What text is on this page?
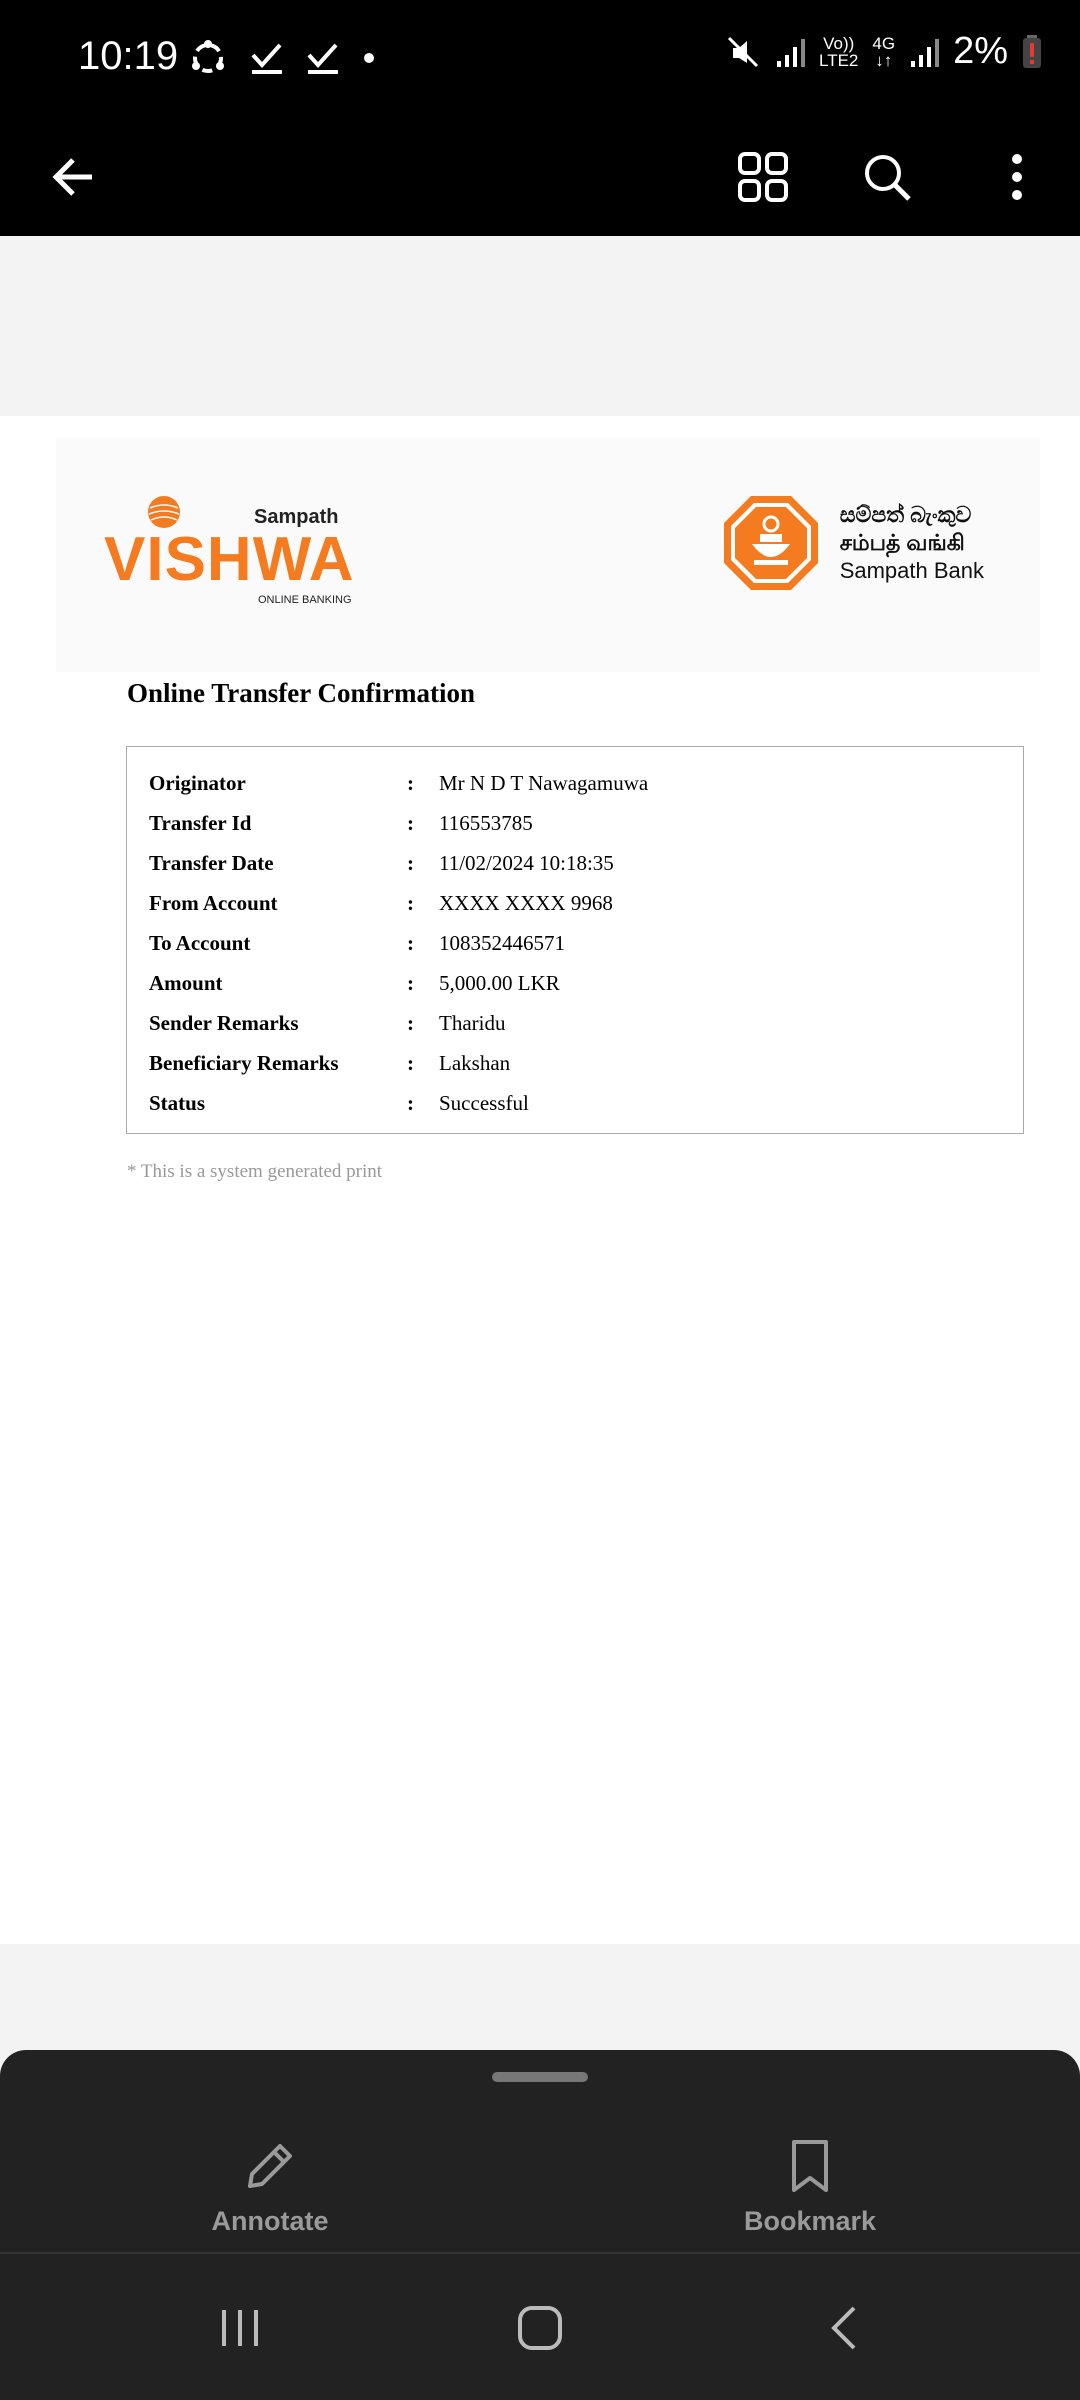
10:19	Vo))
LTE2
4G
↓↑ 2%
Sampath
VISHWA
ONLINE BANKING
සම්පත් බැංකුව
சம்பத் வங்கி
Sampath Bank
Online Transfer Confirmation
Originator	: Mr N D T Nawagamuwa
Transfer Id	: 116553785
Transfer Date	: 11/02/2024 10:18:35
From Account	: XXXX XXXX 9968
To Account	: 108352446571
Amount	: 5,000.00 LKR
Sender Remarks	: Tharidu
Beneficiary Remarks	: Lakshan
Status	: Successful
* This is a system generated print
Annotate	Bookmark
